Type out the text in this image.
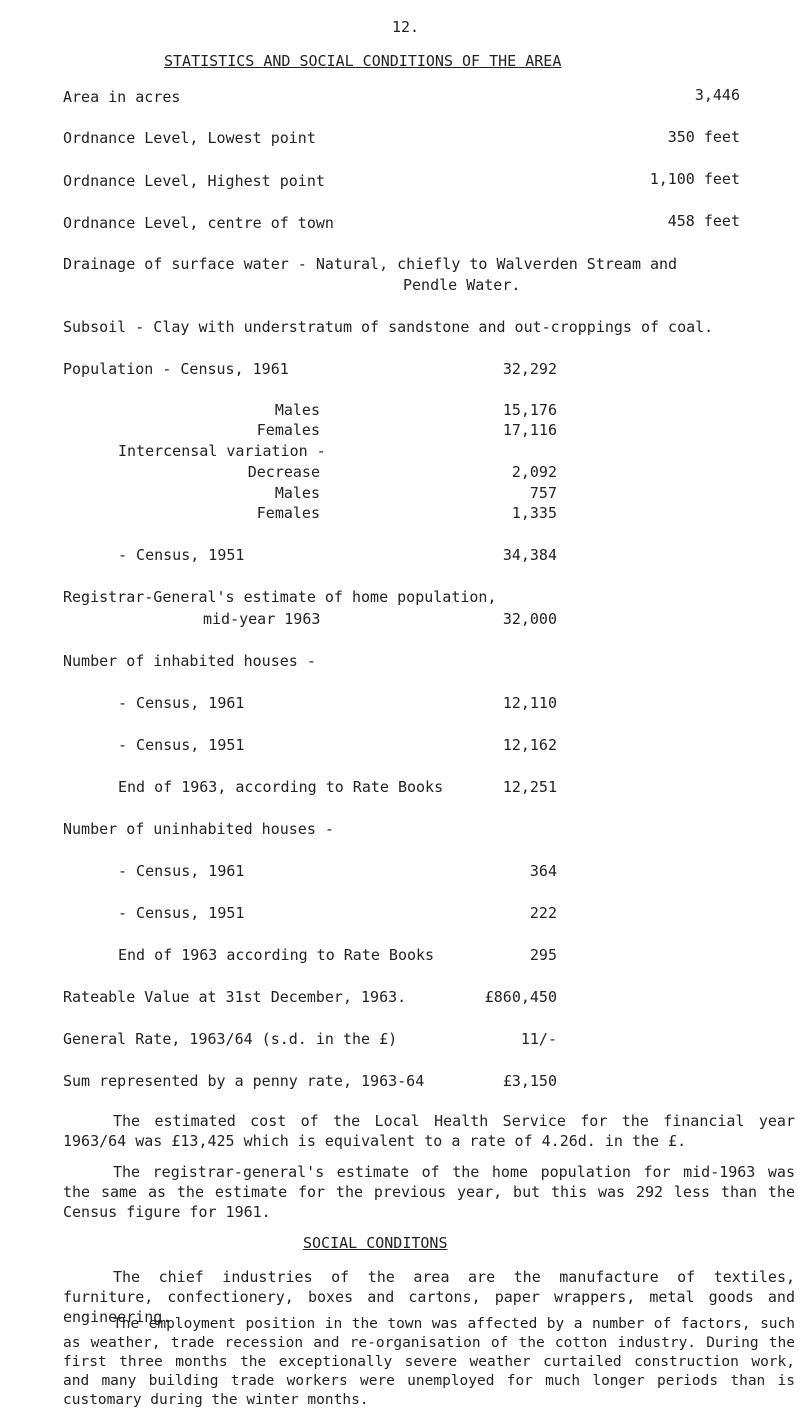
12.
STATISTICS AND SOCIAL CONDITIONS OF THE AREA
Area in acres	3,446
Ordnance Level, Lowest point	350 feet
Ordnance Level, Highest point	1,100 feet
Ordnance Level, centre of town	458 feet
Drainage of surface water - Natural, chiefly to Walverden Stream and
Pendle Water.
Subsoil - Clay with understratum of sandstone and out-croppings of coal.
Population - Census, 1961	32,292
Males	15,176
Females	17,116
Intercensal variation -
Decrease	2,092
Males	757
Females	1,335
- Census, 1951	34,384
Registrar-General's estimate of home population,
mid-year 1963	32,000
Number of inhabited houses -
- Census, 1961	12,110
- Census, 1951	12,162
End of 1963, according to Rate Books	12,251
Number of uninhabited houses -
- Census, 1961	364
- Census, 1951	222
End of 1963 according to Rate Books	295
Rateable Value at 31st December, 1963.	£860,450
General Rate, 1963/64 (s.d. in the £)	11/-
Sum represented by a penny rate, 1963-64	£3,150
The estimated cost of the Local Health Service for the financial year 1963/64 was £13,425 which is equivalent to a rate of 4.26d. in the £.
The registrar-general's estimate of the home population for mid-1963 was the same as the estimate for the previous year, but this was 292 less than the Census figure for 1961.
SOCIAL CONDITONS
The chief industries of the area are the manufacture of textiles, furniture, confectionery, boxes and cartons, paper wrappers, metal goods and engineering.
The employment position in the town was affected by a number of factors, such as weather, trade recession and re-organisation of the cotton industry. During the first three months the exceptionally severe weather curtailed construction work, and many building trade workers were unemployed for much longer periods than is customary during the winter months.
